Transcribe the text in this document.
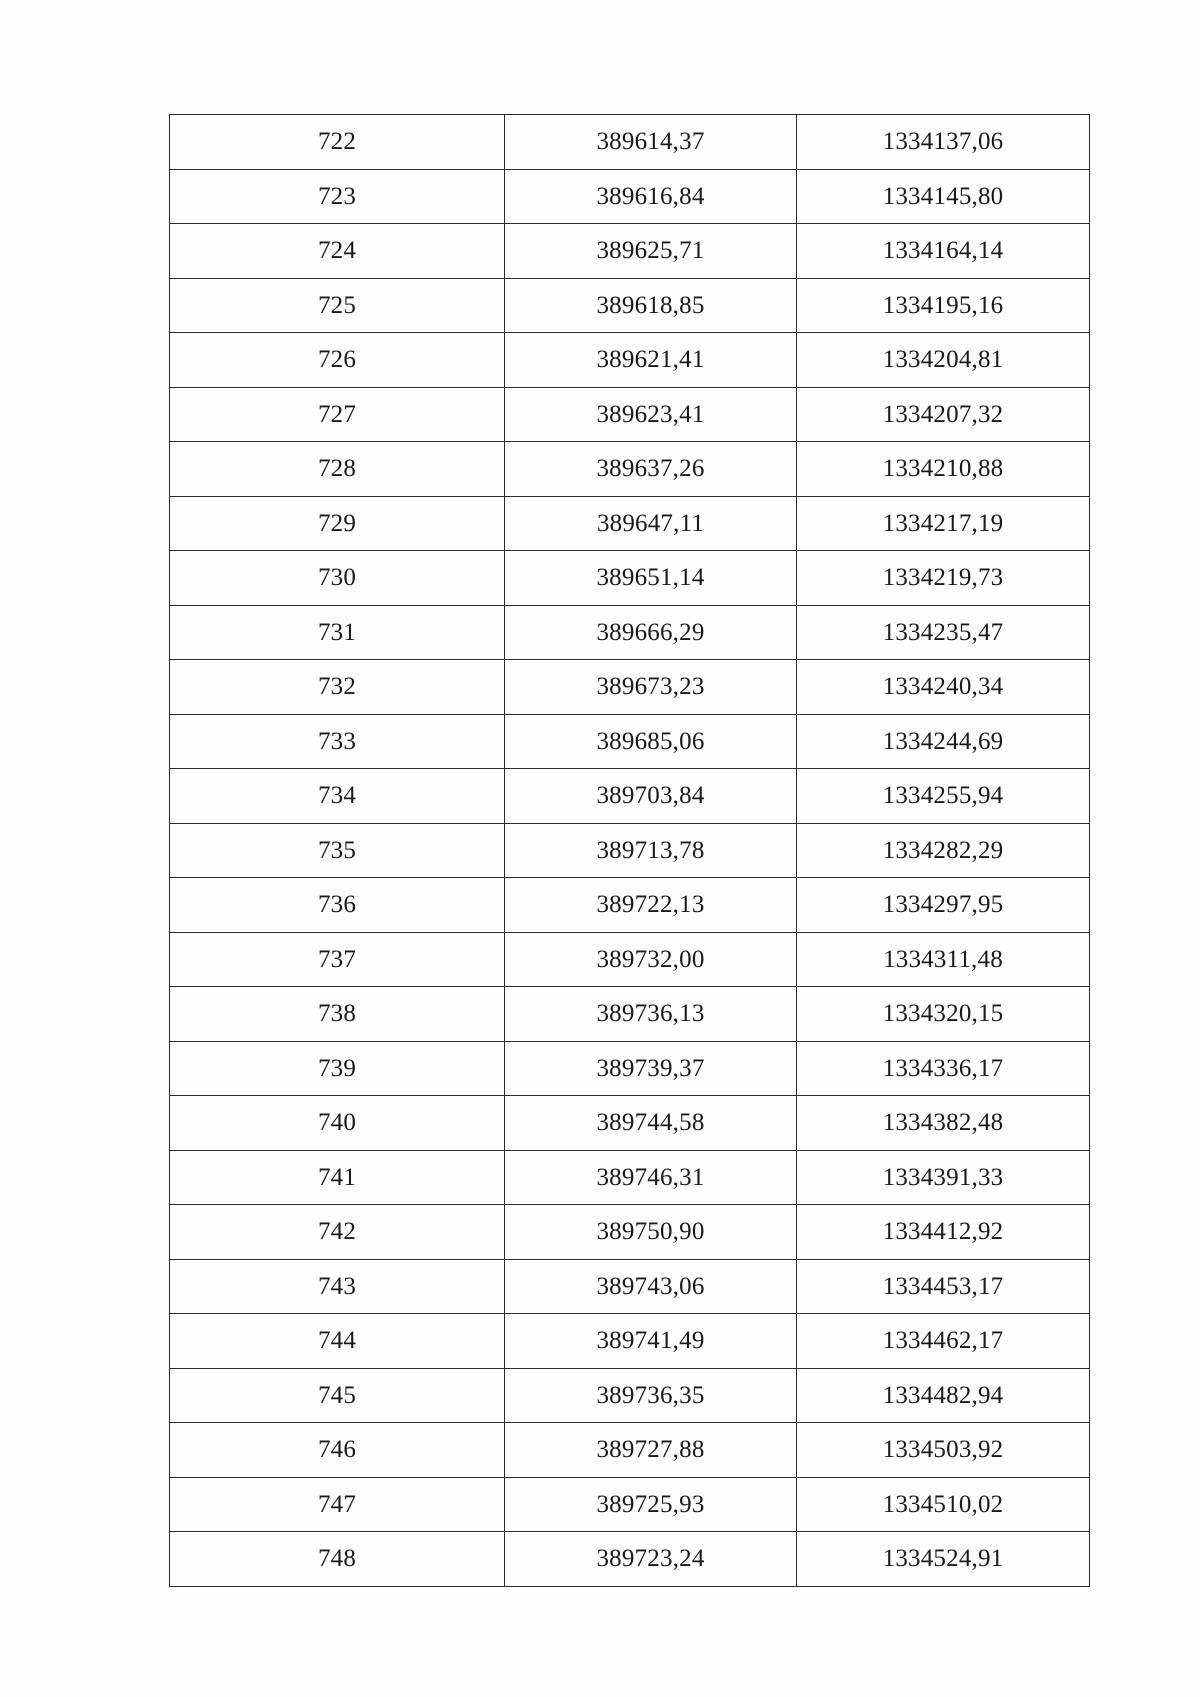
722	389614,37	1334137,06
723	389616,84	1334145,80
724	389625,71	1334164,14
725	389618,85	1334195,16
726	389621,41	1334204,81
727	389623,41	1334207,32
728	389637,26	1334210,88
729	389647,11	1334217,19
730	389651,14	1334219,73
731	389666,29	1334235,47
732	389673,23	1334240,34
733	389685,06	1334244,69
734	389703,84	1334255,94
735	389713,78	1334282,29
736	389722,13	1334297,95
737	389732,00	1334311,48
738	389736,13	1334320,15
739	389739,37	1334336,17
740	389744,58	1334382,48
741	389746,31	1334391,33
742	389750,90	1334412,92
743	389743,06	1334453,17
744	389741,49	1334462,17
745	389736,35	1334482,94
746	389727,88	1334503,92
747	389725,93	1334510,02
748	389723,24	1334524,91
